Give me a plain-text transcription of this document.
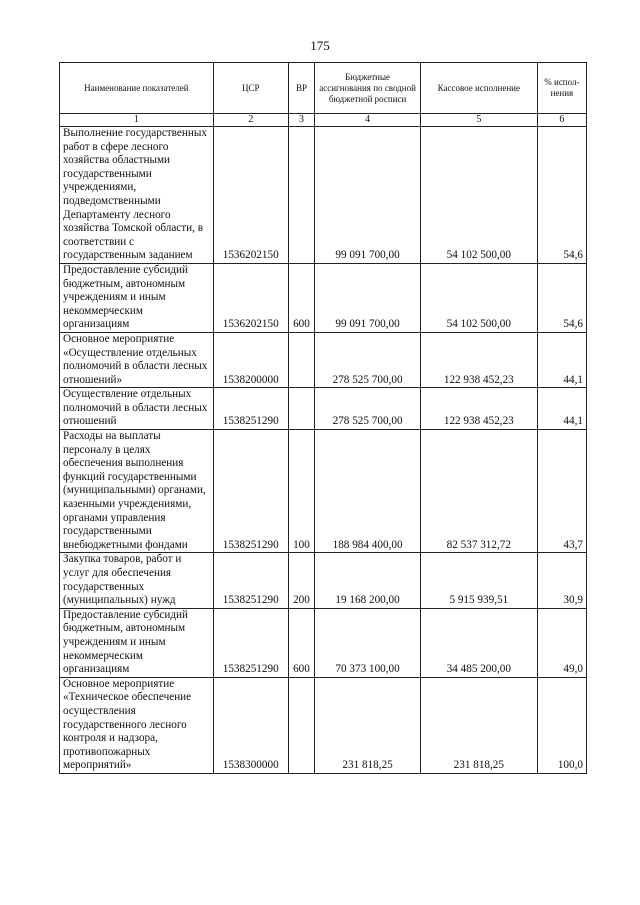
175
Наименование показателей	ЦСР	ВР	Бюджетные ассигнования по сводной бюджетной росписи	Кассовое исполнение	% испол-нения
1	2	3	4	5	6
Выполнение государственных работ в сфере лесного хозяйства областными государственными учреждениями, подведомственными Департаменту лесного хозяйства Томской области, в соответствии с государственным заданием	1536202150		99 091 700,00	54 102 500,00	54,6
Предоставление субсидий бюджетным, автономным учреждениям и иным некоммерческим организациям	1536202150	600	99 091 700,00	54 102 500,00	54,6
Основное мероприятие «Осуществление отдельных полномочий в области лесных отношений»	1538200000		278 525 700,00	122 938 452,23	44,1
Осуществление отдельных полномочий в области лесных отношений	1538251290		278 525 700,00	122 938 452,23	44,1
Расходы на выплаты персоналу в целях обеспечения выполнения функций государственными (муниципальными) органами, казенными учреждениями, органами управления государственными внебюджетными фондами	1538251290	100	188 984 400,00	82 537 312,72	43,7
Закупка товаров, работ и услуг для обеспечения государственных (муниципальных) нужд	1538251290	200	19 168 200,00	5 915 939,51	30,9
Предоставление субсидий бюджетным, автономным учреждениям и иным некоммерческим организациям	1538251290	600	70 373 100,00	34 485 200,00	49,0
Основное мероприятие «Техническое обеспечение осуществления государственного лесного контроля и надзора, противопожарных мероприятий»	1538300000		231 818,25	231 818,25	100,0
